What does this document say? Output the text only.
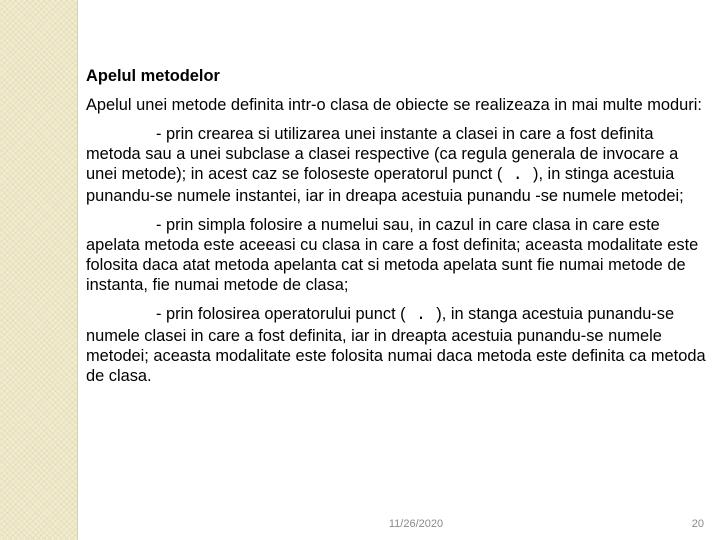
Apelul metodelor
Apelul unei metode definita intr-o clasa de obiecte se realizeaza in mai multe moduri:
- prin crearea si utilizarea unei instante a clasei in care a fost definita metoda sau a unei subclase a clasei respective (ca regula generala de invocare a unei metode); in acest caz se foloseste operatorul punct ( . ), in stinga acestuia punandu-se numele instantei, iar in dreapa acestuia punandu -se numele metodei;
- prin simpla folosire a numelui sau, in cazul in care clasa in care este apelata metoda este aceeasi cu clasa in care a fost definita; aceasta modalitate este folosita daca atat metoda apelanta cat si metoda apelata sunt fie numai metode de instanta, fie numai metode de clasa;
- prin folosirea operatorului punct ( . ), in stanga acestuia punandu-se numele clasei in care a fost definita, iar in dreapta acestuia punandu-se numele metodei; aceasta modalitate este folosita numai daca metoda este definita ca metoda de clasa.
11/26/2020	20
